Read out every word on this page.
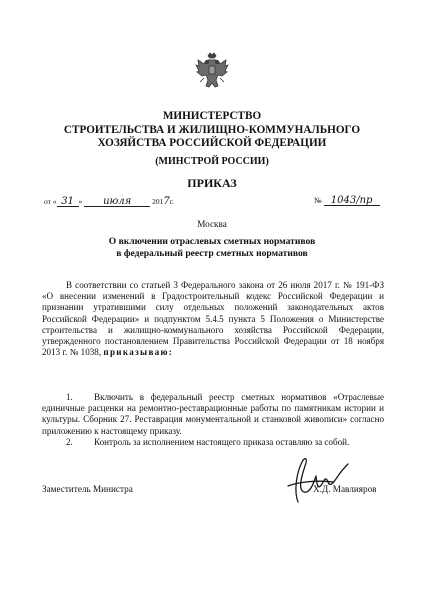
МИНИСТЕРСТВО
СТРОИТЕЛЬСТВА И ЖИЛИЩНО-КОММУНАЛЬНОГО
ХОЗЯЙСТВА РОССИЙСКОЙ ФЕДЕРАЦИИ
(МИНСТРОЙ РОССИИ)
ПРИКАЗ
от « 31 » июля	2017г.	№ 1043/пр
Москва
О включении отраслевых сметных нормативов
в федеральный реестр сметных нормативов
В соответствии со статьей 3 Федерального закона от 26 июля 2017 г. № 191-ФЗ «О внесении изменений в Градостроительный кодекс Российской Федерации и признании утратившими силу отдельных положений законодательных актов Российской Федерации» и подпунктом 5.4.5 пункта 5 Положения о Министерстве строительства и жилищно-коммунального хозяйства Российской Федерации, утвержденного постановлением Правительства Российской Федерации от 18 ноября 2013 г. № 1038, приказываю:
1. Включить в федеральный реестр сметных нормативов «Отраслевые единичные расценки на ремонтно-реставрационные работы по памятникам истории и культуры. Сборник 27. Реставрация монументальной и станковой живописи» согласно приложению к настоящему приказу.
2. Контроль за исполнением настоящего приказа оставляю за собой.
Заместитель Министра	Х.Д. Мавлияров
